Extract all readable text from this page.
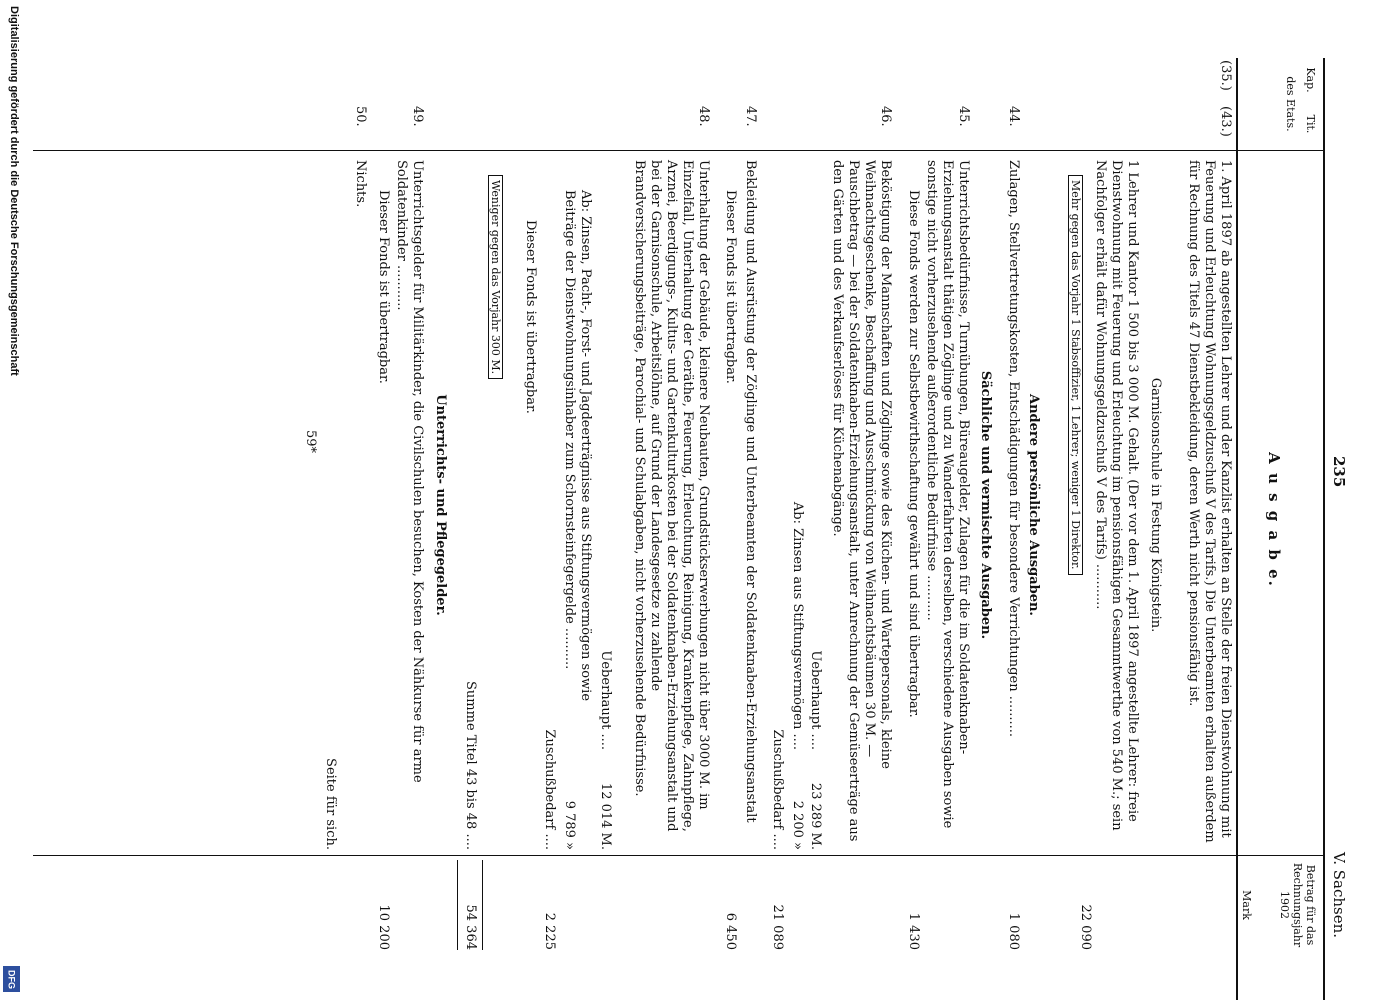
Digitalisierung gefördert durch die Deutsche Forschungsgemeinschaft
DFG
235
V. Sachsen.
Kap.
Tit.
des Etats.
A u s g a b e.
Betrag für das Rechnungsjahr 1902
Mark
(35.)
(43.)
1. April 1897 ab angestellten Lehrer und der Kanzlist erhalten an Stelle der freien Dienstwohnung mit Feuerung und Erleuchtung Wohnungsgeldzuschuß V des Tarifs.) Die Unterbeamten erhalten außerdem für Rechnung des Titels 47 Dienstbekleidung, deren Werth nicht pensionsfähig ist.
Garnisonschule in Festung Königstein.
1 Lehrer und Kantor 1 500 bis 3 000 M. Gehalt. (Der vor dem 1. April 1897 angestellte Lehrer: freie Dienstwohnung mit Feuerung und Erleuchtung im pensionsfähigen Gesammtwerthe von 540 M.; sein Nachfolger erhält dafür Wohnungsgeldzuschuß V des Tarifs) ...........
Mehr gegen das Vorjahr 1 Stabsoffizier, 1 Lehrer; weniger 1 Direktor.
22 090
Andere persönliche Ausgaben.
44.
Zulagen, Stellvertretungskosten, Entschädigungen für besondere Verrichtungen ..........
1 080
Sächliche und vermischte Ausgaben.
45.
Unterrichtsbedürfnisse, Turnübungen, Büreaugelder, Zulagen für die im Soldatenknaben-Erziehungsanstalt thätigen Zöglinge und zu Wanderfahrten derselben, verschiedene Ausgaben sowie sonstige nicht vorherzusehende außerordentliche Bedürfnisse ...........
Diese Fonds werden zur Selbstbewirthschaftung gewährt und sind übertragbar.
1 430
46.
Beköstigung der Mannschaften und Zöglinge sowie des Küchen- und Wartepersonals, kleine Weihnachtsgeschenke, Beschaffung und Ausschmückung von Weihnachtsbäumen 30 M. — Pauschbetrag — bei der Soldatenknaben-Erziehungsanstalt, unter Anrechnung der Gemüseerträge aus den Gärten und des Verkaufserlöses für Küchenabgänge.
Ueberhaupt ....
23 289 M.
Ab: Zinsen aus Stiftungsvermögen ....
2 200 »
Zuschußbedarf ....
21 089
47.
Bekleidung und Ausrüstung der Zöglinge und Unterbeamten der Soldatenknaben-Erziehungsanstalt
Dieser Fonds ist übertragbar.
6 450
48.
Unterhaltung der Gebäude, kleinere Neubauten, Grundstückserwerbungen nicht über 3000 M. im Einzelfall, Unterhaltung der Geräthe, Feuerung, Erleuchtung, Reinigung, Krankenpflege, Zahnpflege, Arznei, Beerdigungs-, Kultus- und Gartenkulturkosten bei der Soldatenknaben-Erziehungsanstalt und bei der Garnisonschule, Arbeitslöhne, auf Grund der Landesgesetze zu zahlende Brandversicherungsbeiträge, Parochial- und Schulabgaben, nicht vorherzusehende Bedürfnisse.
Ueberhaupt ....
12 014 M.
Ab: Zinsen, Pacht-, Forst- und Jagdeerträgnisse aus Stiftungsvermögen sowie Beiträge der Dienstwohnungsinhaber zum Schornsteinfegergelde ..........
9 789 »
Zuschußbedarf ....
2 225
Dieser Fonds ist übertragbar.
Weniger gegen das Vorjahr 300 M.
Summe Titel 43 bis 48 ....
54 364
Unterrichts- und Pflegegelder.
49.
Unterrichtsgelder für Militärkinder, die Civilschulen besuchen, Kosten der Nähkurse für arme Soldatenkinder ...........
Dieser Fonds ist übertragbar.
10 200
50.
Nichts.
Seite für sich.
59*
